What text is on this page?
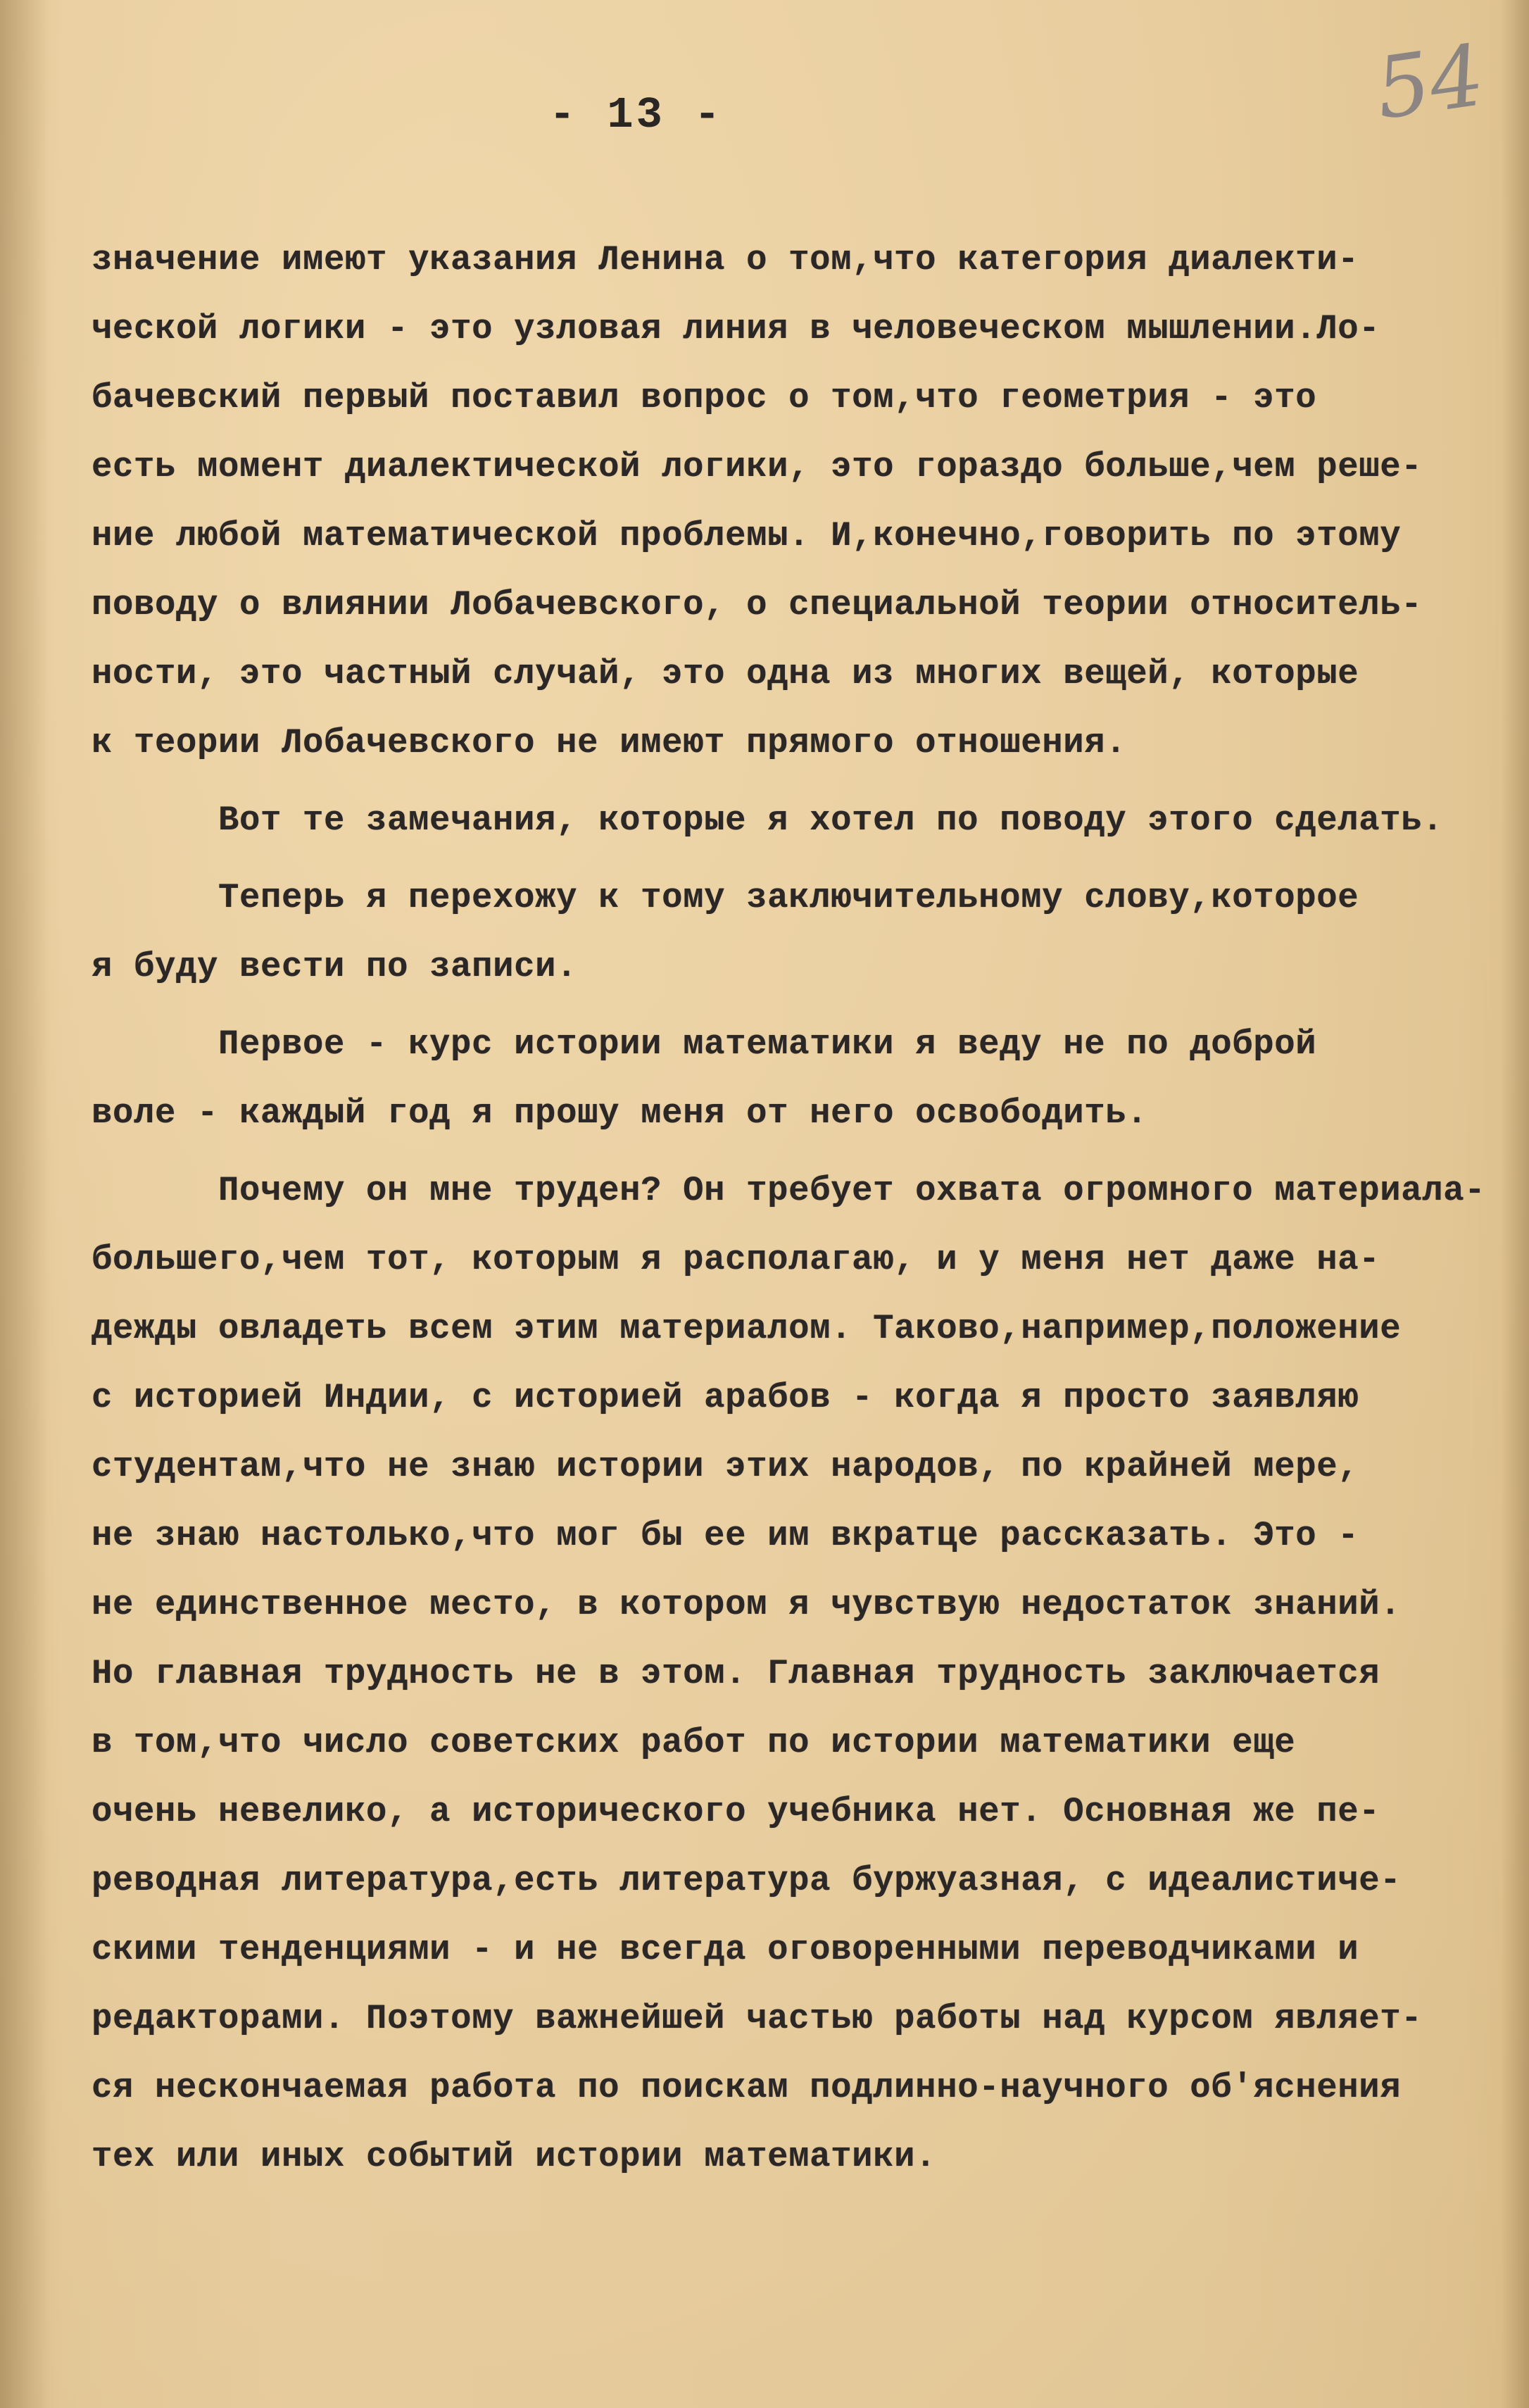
- 13 -	54

значение имеют указания Ленина о том,что категория диалекти-
ческой логики - это узловая линия в человеческом мышлении.Ло-
бачевский первый поставил вопрос о том,что геометрия - это
есть момент диалектической логики, это гораздо больше,чем реше-
ние любой математической проблемы. И,конечно,говорить по этому
поводу о влиянии Лобачевского, о специальной теории относитель-
ности, это частный случай, это одна из многих вещей, которые
к теории Лобачевского не имеют прямого отношения.

Вот те замечания, которые я хотел по поводу этого сделать.

Теперь я перехожу к тому заключительному слову,которое
я буду вести по записи.

Первое - курс истории математики я веду не по доброй
воле - каждый год я прошу меня от него освободить.

Почему он мне труден? Он требует охвата огромного материала-
большего,чем тот, которым я располагаю, и у меня нет даже на-
дежды овладеть всем этим материалом. Таково,например,положение
с историей Индии, с историей арабов - когда я просто заявляю
студентам,что не знаю истории этих народов, по крайней мере,
не знаю настолько,что мог бы ее им вкратце рассказать. Это -
не единственное место, в котором я чувствую недостаток знаний.
Но главная трудность не в этом. Главная трудность заключается
в том,что число советских работ по истории математики еще
очень невелико, а исторического учебника нет. Основная же пе-
реводная литература,есть литература буржуазная, с идеалистиче-
скими тенденциями - и не всегда оговоренными переводчиками и
редакторами. Поэтому важнейшей частью работы над курсом являет-
ся нескончаемая работа по поискам подлинно-научного об'яснения
тех или иных событий истории математики.
